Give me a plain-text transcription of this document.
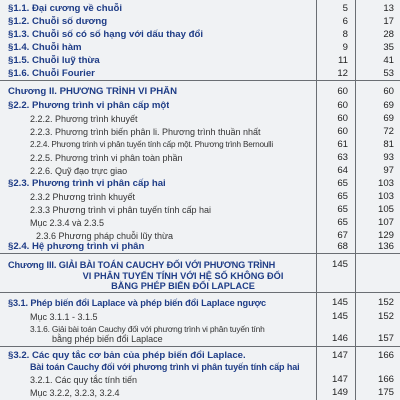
§1.1. Đại cương về chuỗi	5	13
§1.2. Chuỗi số dương	6	17
§1.3. Chuỗi số có số hạng với dấu thay đổi	8	28
§1.4. Chuỗi hàm	9	35
§1.5. Chuỗi luỹ thừa	11	41
§1.6. Chuỗi Fourier	12	53
Chương II. PHƯƠNG TRÌNH VI PHÂN	60	60
§2.2. Phương trình vi phân cấp một	60	69
2.2.2. Phương trình khuyết	60	69
2.2.3. Phương trình biến phân li. Phương trình thuần nhất	60	72
2.2.4. Phương trình vi phân tuyến tính cấp một. Phương trình Bernoulli	61	81
2.2.5. Phương trình vi phân toàn phần	63	93
2.2.6. Quỹ đạo trực giao	64	97
§2.3. Phương trình vi phân cấp hai	65	103
2.3.2 Phương trình khuyết	65	103
2.3.3 Phương trình vi phân tuyến tính cấp hai	65	105
Mục 2.3.4 và 2.3.5	65	107
2.3.6 Phương pháp chuỗi lũy thừa	67	129
§2.4. Hệ phương trình vi phân	68	136
Chương III. GIẢI BÀI TOÁN CAUCHY ĐỐI VỚI PHƯƠNG TRÌNH	145
VI PHÂN TUYẾN TÍNH VỚI HỆ SỐ KHÔNG ĐỔI
BẰNG PHÉP BIẾN ĐỔI LAPLACE
§3.1. Phép biến đổi Laplace và phép biến đổi Laplace ngược	145	152
Mục 3.1.1 - 3.1.5	145	152
3.1.6. Giải bài toán Cauchy đối với phương trình vi phân tuyến tính
bằng phép biến đổi Laplace	146	157
§3.2. Các quy tắc cơ bản của phép biến đổi Laplace.	147	166
Bài toán Cauchy đối với phương trình vi phân tuyến tính cấp hai
3.2.1. Các quy tắc tính tiến	147	166
Mục 3.2.2, 3.2.3, 3.2.4	149	175
